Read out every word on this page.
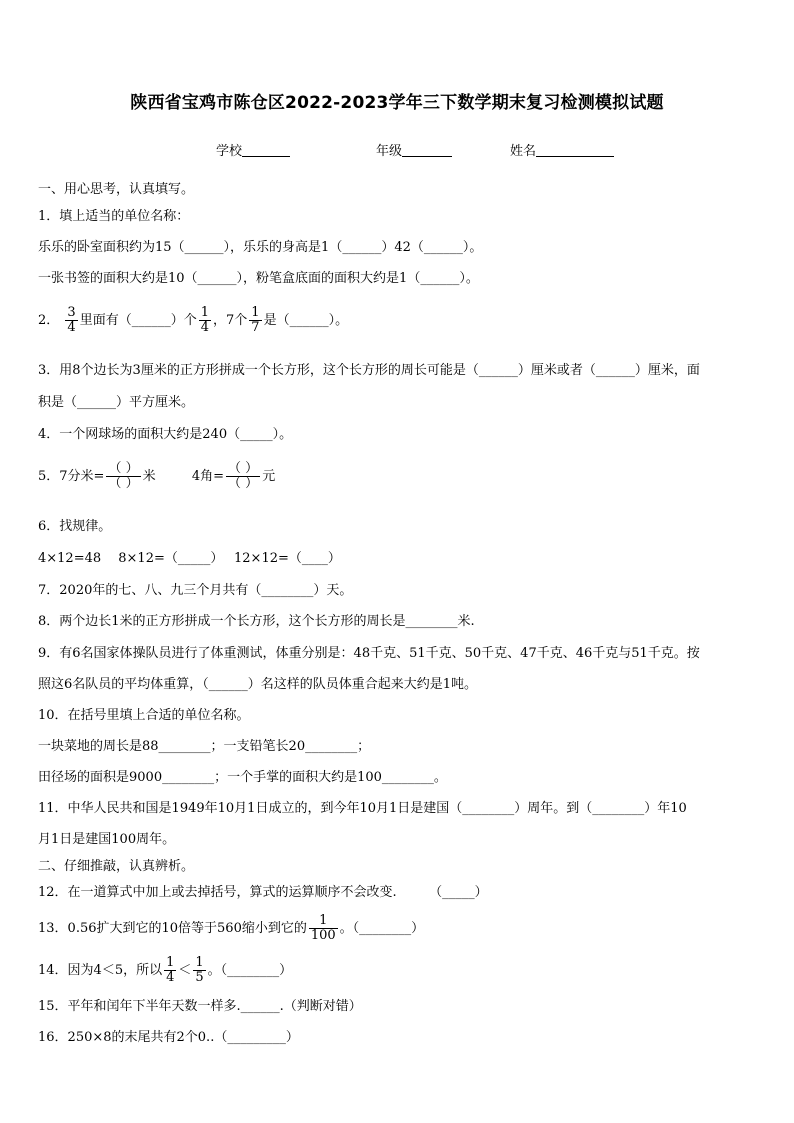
陕西省宝鸡市陈仓区2022-2023学年三下数学期末复习检测模拟试题
学校	年级	姓名
一、用心思考，认真填写。
1．填上适当的单位名称：
乐乐的卧室面积约为15（______），乐乐的身高是1（______）42（______）。
一张书签的面积大约是10（______），粉笔盒底面的面积大约是1（______）。
2． $\frac{3}{4}$ 里面有（______）个 $\frac{1}{4}$ ，7个 $\frac{1}{7}$ 是（______）。
3．用8个边长为3厘米的正方形拼成一个长方形，这个长方形的周长可能是（______）厘米或者（______）厘米，面
积是（______）平方厘米。
4．一个网球场的面积大约是240（_____）。
5．7分米= $\frac{( )}{( )}$ 米	4角= $\frac{( )}{( )}$ 元
6．找规律。
4×12=48　 8×12=（_____）　 12×12=（____）
7．2020年的七、八、九三个月共有（________）天。
8．两个边长1米的正方形拼成一个长方形，这个长方形的周长是________米.
9．有6名国家体操队员进行了体重测试，体重分别是：48千克、51千克、50千克、47千克、46千克与51千克。按
照这6名队员的平均体重算，（______）名这样的队员体重合起来大约是1吨。
10．在括号里填上合适的单位名称。
一块菜地的周长是88________；一支铅笔长20________；
田径场的面积是9000________；一个手掌的面积大约是100________。
11．中华人民共和国是1949年10月1日成立的，到今年10月1日是建国（________）周年。到（________）年10
月1日是建国100周年。
二、仔细推敲，认真辨析。
12．在一道算式中加上或去掉括号，算式的运算顺序不会改变.　　　（_____）
13．0.56扩大到它的10倍等于560缩小到它的 $\frac{1}{100}$ 。（________）
14．因为4＜5，所以 $\frac{1}{4} < \frac{1}{5}$ 。（________）
15．平年和闰年下半年天数一样多.______.（判断对错）
16．250×8的末尾共有2个0..（_________）
